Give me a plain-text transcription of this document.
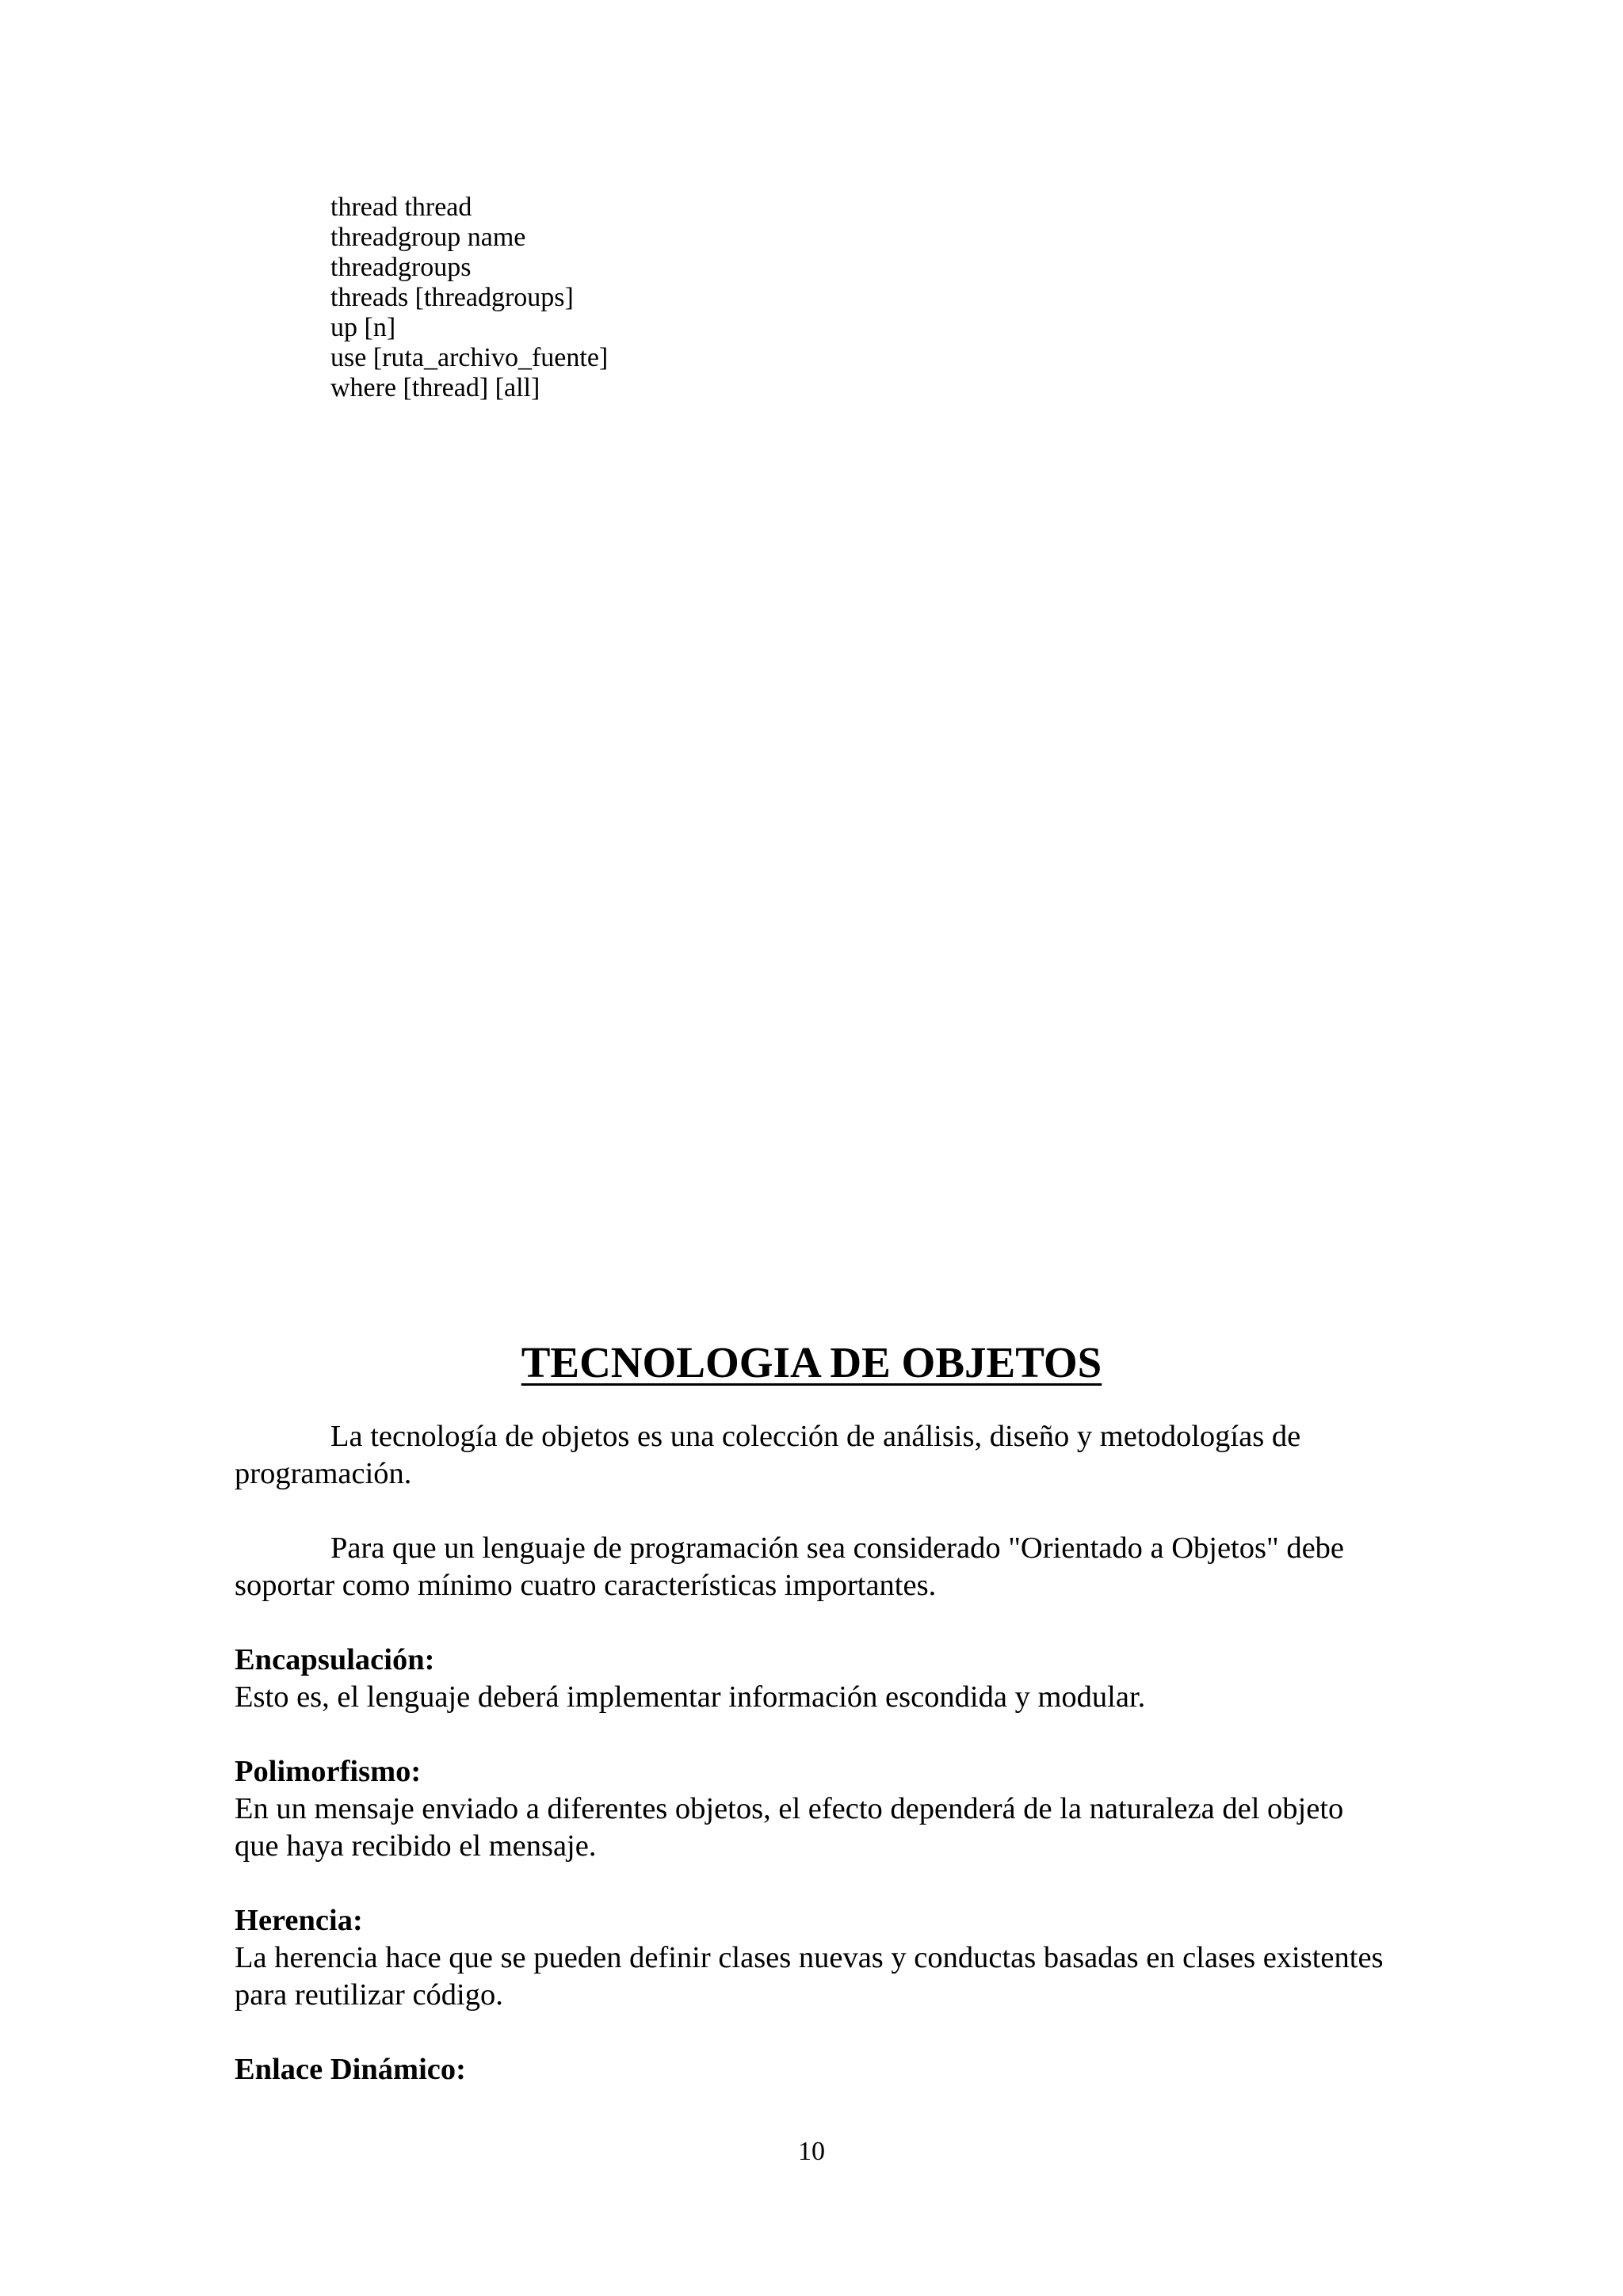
thread thread
threadgroup name
threadgroups
threads [threadgroups]
up [n]
use [ruta_archivo_fuente]
where [thread] [all]
TECNOLOGIA DE OBJETOS

La tecnología de objetos es una colección de análisis, diseño y metodologías de programación.

Para que un lenguaje de programación sea considerado "Orientado a Objetos" debe soportar como mínimo cuatro características importantes.

Encapsulación:

Esto es, el lenguaje deberá implementar información escondida y modular.

Polimorfismo:

En un mensaje enviado a diferentes objetos, el efecto dependerá de la naturaleza del objeto que haya recibido el mensaje.

Herencia:

La herencia hace que se pueden definir clases nuevas y conductas basadas en clases existentes para reutilizar código.

Enlace Dinámico:

10
